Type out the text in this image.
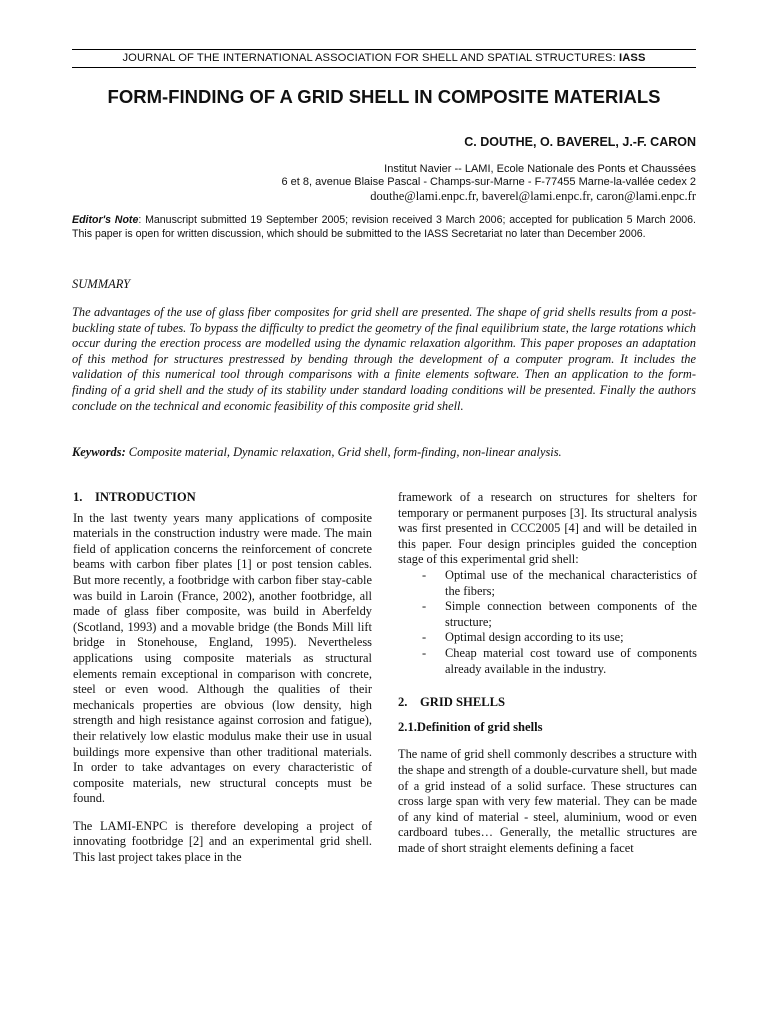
JOURNAL OF THE INTERNATIONAL ASSOCIATION FOR SHELL AND SPATIAL STRUCTURES: IASS
FORM-FINDING OF A GRID SHELL IN COMPOSITE MATERIALS
C. DOUTHE, O. BAVEREL, J.-F. CARON
Institut Navier -- LAMI, Ecole Nationale des Ponts et Chaussées
6 et 8, avenue Blaise Pascal - Champs-sur-Marne - F-77455 Marne-la-vallée cedex 2
douthe@lami.enpc.fr, baverel@lami.enpc.fr, caron@lami.enpc.fr
Editor's Note: Manuscript submitted 19 September 2005; revision received 3 March 2006; accepted for publication 5 March 2006. This paper is open for written discussion, which should be submitted to the IASS Secretariat no later than December 2006.
SUMMARY

The advantages of the use of glass fiber composites for grid shell are presented. The shape of grid shells results from a post-buckling state of tubes. To bypass the difficulty to predict the geometry of the final equilibrium state, the large rotations which occur during the erection process are modelled using the dynamic relaxation algorithm. This paper proposes an adaptation of this method for structures prestressed by bending through the development of a computer program. It includes the validation of this numerical tool through comparisons with a finite elements software. Then an application to the form-finding of a grid shell and the study of its stability under standard loading conditions will be presented. Finally the authors conclude on the technical and economic feasibility of this composite grid shell.

Keywords: Composite material, Dynamic relaxation, Grid shell, form-finding, non-linear analysis.
1. INTRODUCTION

In the last twenty years many applications of composite materials in the construction industry were made. The main field of application concerns the reinforcement of concrete beams with carbon fiber plates [1] or post tension cables. But more recently, a footbridge with carbon fiber stay-cable was build in Laroin (France, 2002), another footbridge, all made of glass fiber composite, was build in Aberfeldy (Scotland, 1993) and a movable bridge (the Bonds Mill lift bridge in Stonehouse, England, 1995). Nevertheless applications using composite materials as structural elements remain exceptional in comparison with concrete, steel or even wood. Although the qualities of their mechanicals properties are obvious (low density, high strength and high resistance against corrosion and fatigue), their relatively low elastic modulus make their use in usual buildings more expensive than other traditional materials. In order to take advantages on every characteristic of composite materials, new structural concepts must be found.

The LAMI-ENPC is therefore developing a project of innovating footbridge [2] and an experimental grid shell. This last project takes place in the

framework of a research on structures for shelters for temporary or permanent purposes [3]. Its structural analysis was first presented in CCC2005 [4] and will be detailed in this paper. Four design principles guided the conception stage of this experimental grid shell:

- Optimal use of the mechanical characteristics of the fibers;
- Simple connection between components of the structure;
- Optimal design according to its use;
- Cheap material cost toward use of components already available in the industry.
2. GRID SHELLS
2.1.Definition of grid shells

The name of grid shell commonly describes a structure with the shape and strength of a double-curvature shell, but made of a grid instead of a solid surface. These structures can cross large span with very few material. They can be made of any kind of material - steel, aluminium, wood or even cardboard tubes… Generally, the metallic structures are made of short straight elements defining a facet
